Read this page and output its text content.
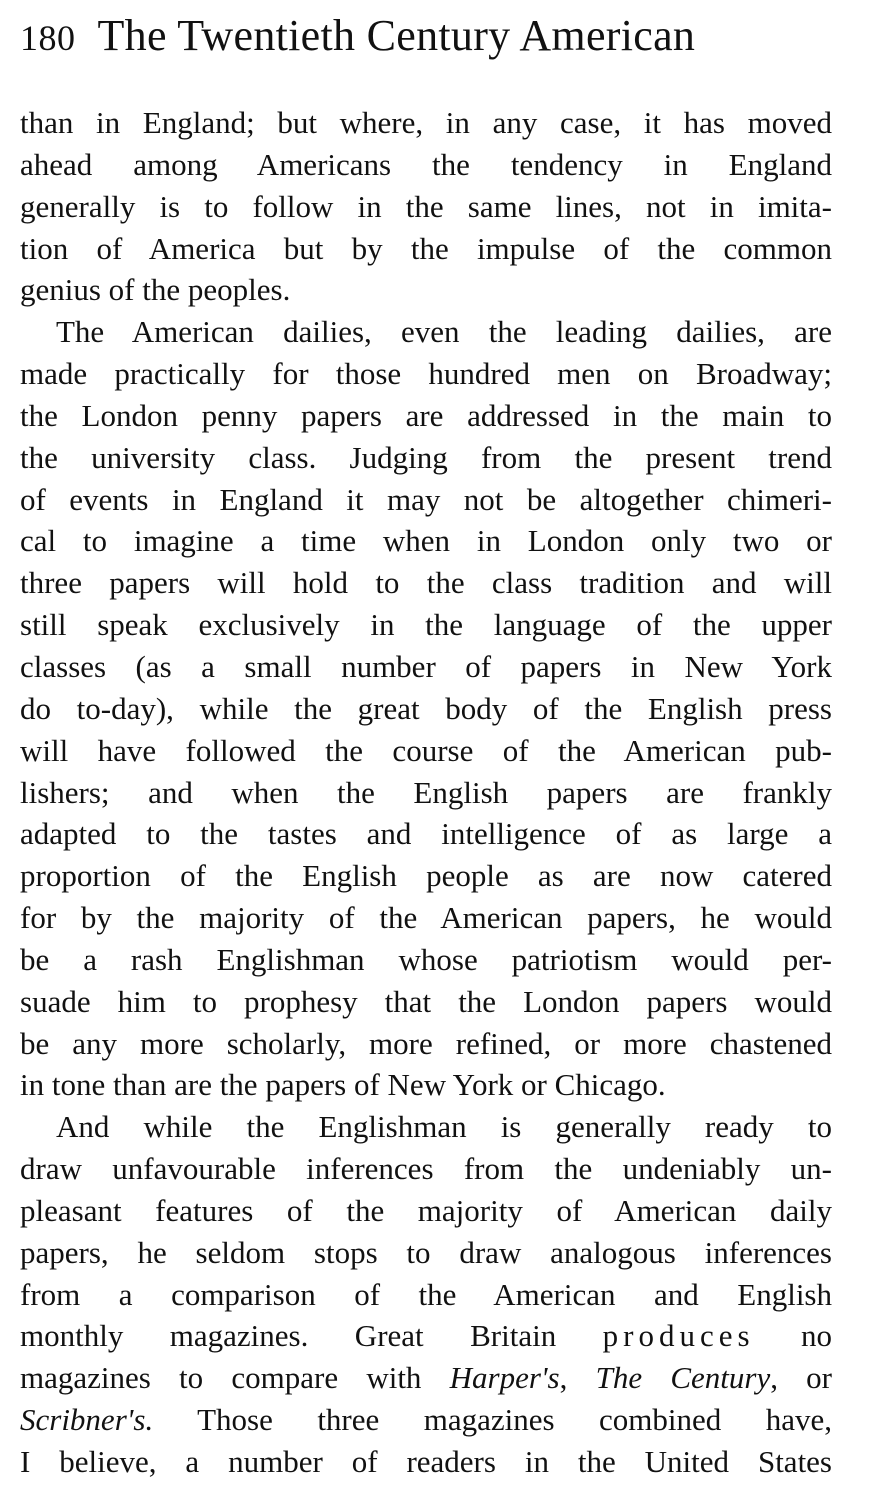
180 The Twentieth Century American
than in England; but where, in any case, it has moved
ahead among Americans the tendency in England
generally is to follow in the same lines, not in imita-
tion of America but by the impulse of the common
genius of the peoples.
The American dailies, even the leading dailies, are
made practically for those hundred men on Broadway;
the London penny papers are addressed in the main to
the university class. Judging from the present trend
of events in England it may not be altogether chimeri-
cal to imagine a time when in London only two or
three papers will hold to the class tradition and will
still speak exclusively in the language of the upper
classes (as a small number of papers in New York
do to-day), while the great body of the English press
will have followed the course of the American pub-
lishers; and when the English papers are frankly
adapted to the tastes and intelligence of as large a
proportion of the English people as are now catered
for by the majority of the American papers, he would
be a rash Englishman whose patriotism would per-
suade him to prophesy that the London papers would
be any more scholarly, more refined, or more chastened
in tone than are the papers of New York or Chicago.
And while the Englishman is generally ready to
draw unfavourable inferences from the undeniably un-
pleasant features of the majority of American daily
papers, he seldom stops to draw analogous inferences
from a comparison of the American and English
monthly magazines. Great Britain produces no
magazines to compare with Harper's, The Century, or
Scribner's. Those three magazines combined have,
I believe, a number of readers in the United States
